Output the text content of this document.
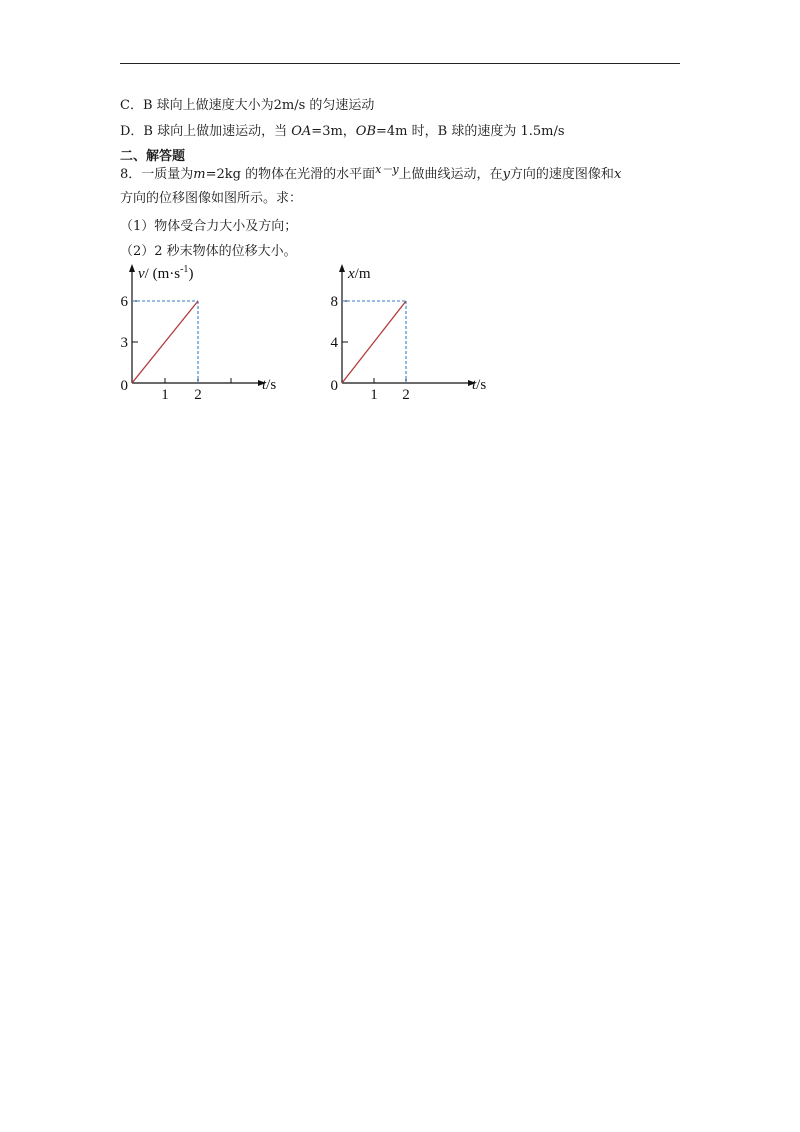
C．B 球向上做速度大小为2m/s 的匀速运动
D．B 球向上做加速运动，当 OA=3m，OB=4m 时，B 球的速度为 1.5m/s
二、解答题
8．一质量为m=2kg 的物体在光滑的水平面$^{x-y}$上做曲线运动，在y方向的速度图像和x
方向的位移图像如图所示。求：
（1）物体受合力大小及方向；
（2）2 秒末物体的位移大小。
1 2
3
6
0
v/ $(m\cdot s^{-1})$
t/s
1 2
4
8
0
x/m
t/s
